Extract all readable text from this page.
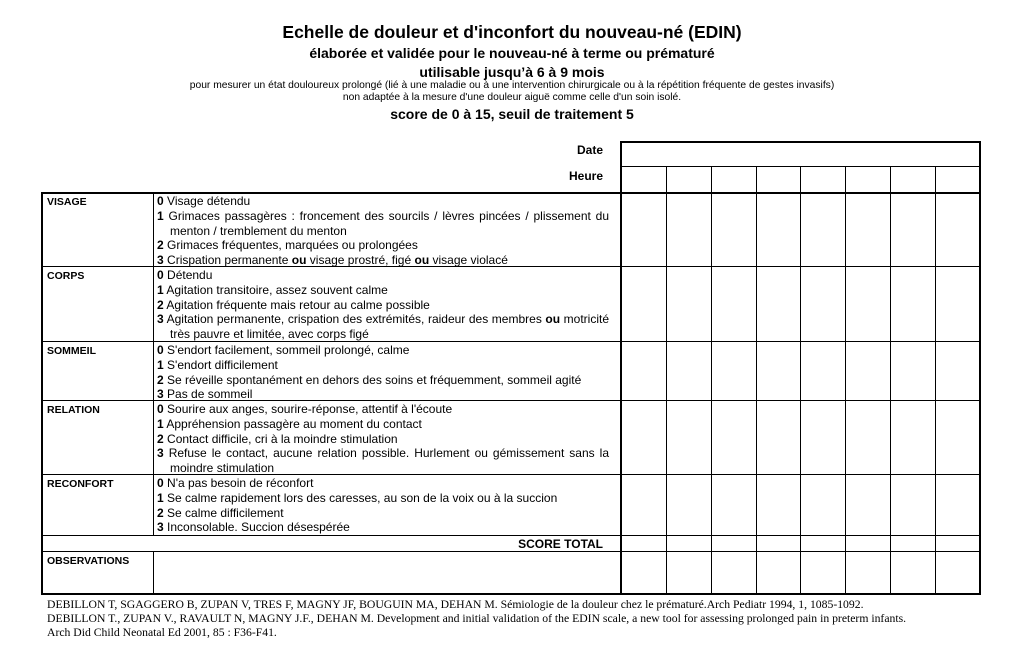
Echelle de douleur et d'inconfort du nouveau-né (EDIN)
élaborée et validée pour le nouveau-né à terme ou prématuré
utilisable jusqu’à 6 à 9 mois
pour mesurer un état douloureux prolongé (lié à une maladie ou à une intervention chirurgicale ou à la répétition fréquente de gestes invasifs)
non adaptée à la mesure d'une douleur aiguë comme celle d'un soin isolé.
score de 0 à 15, seuil de traitement 5
Date
Heure
VISAGE
CORPS
SOMMEIL
RELATION
RECONFORT
0 Visage détendu
1 Grimaces passagères : froncement des sourcils / lèvres pincées / plissement du menton / tremblement du menton
2 Grimaces fréquentes, marquées ou prolongées
3 Crispation permanente ou visage prostré, figé ou visage violacé
0 Détendu
1 Agitation transitoire, assez souvent calme
2 Agitation fréquente mais retour au calme possible
3 Agitation permanente, crispation des extrémités, raideur des membres ou motricité très pauvre et limitée, avec corps figé
0 S'endort facilement, sommeil prolongé, calme
1 S'endort difficilement
2 Se réveille spontanément en dehors des soins et fréquemment, sommeil agité
3 Pas de sommeil
0 Sourire aux anges, sourire-réponse, attentif à l'écoute
1 Appréhension passagère au moment du contact
2 Contact difficile, cri à la moindre stimulation
3 Refuse le contact, aucune relation possible. Hurlement ou gémissement sans la moindre stimulation
0 N'a pas besoin de réconfort
1 Se calme rapidement lors des caresses, au son de la voix ou à la succion
2 Se calme difficilement
3 Inconsolable. Succion désespérée
SCORE TOTAL
OBSERVATIONS
DEBILLON T, SGAGGERO B, ZUPAN V, TRES F, MAGNY JF, BOUGUIN MA, DEHAN M. Sémiologie de la douleur chez le prématuré.Arch Pediatr 1994, 1, 1085-1092.
DEBILLON T., ZUPAN V., RAVAULT N, MAGNY J.F., DEHAN M. Development and initial validation of the EDIN scale, a new tool for assessing prolonged pain in preterm infants.
Arch Did Child Neonatal Ed 2001, 85 : F36-F41.
